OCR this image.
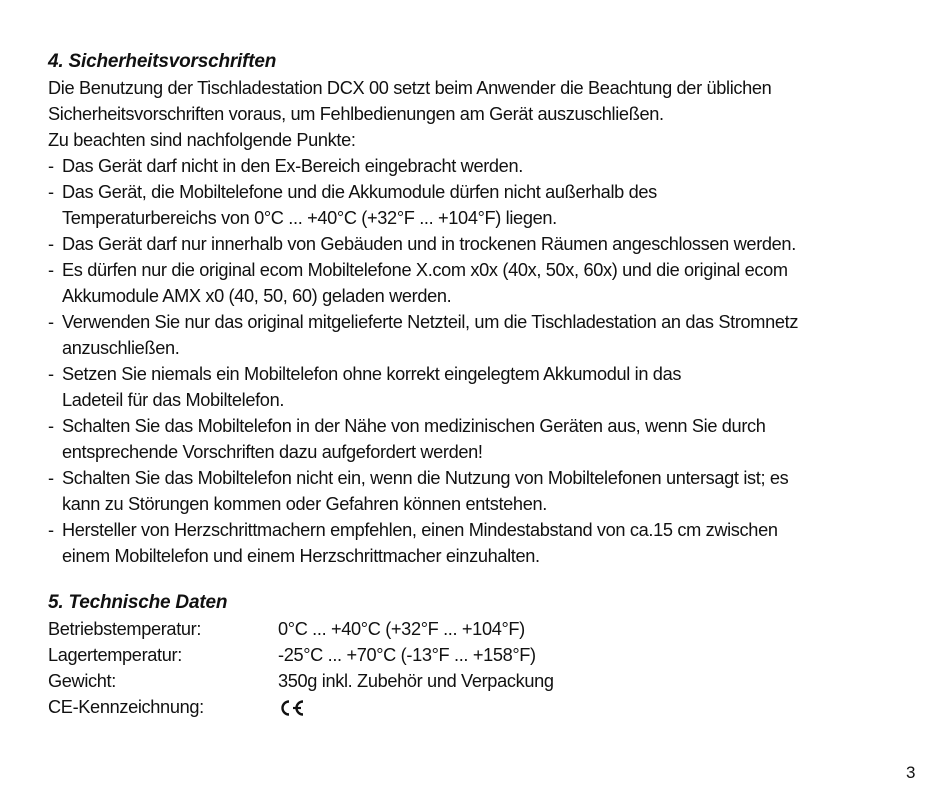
4. Sicherheitsvorschriften

Die Benutzung der Tischladestation DCX 00 setzt beim Anwender die Beachtung der üblichen

Sicherheitsvorschriften voraus, um Fehlbedienungen am Gerät auszuschließen.

Zu beachten sind nachfolgende Punkte:

- Das Gerät darf nicht in den Ex-Bereich eingebracht werden.
- Das Gerät, die Mobiltelefone und die Akkumodule dürfen nicht außerhalb des
Temperaturbereichs von 0°C ... +40°C (+32°F ... +104°F) liegen.
- Das Gerät darf nur innerhalb von Gebäuden und in trockenen Räumen angeschlossen werden.
- Es dürfen nur die original ecom Mobiltelefone X.com x0x (40x, 50x, 60x) und die original ecom
Akkumodule AMX x0 (40, 50, 60) geladen werden.
- Verwenden Sie nur das original mitgelieferte Netzteil, um die Tischladestation an das Stromnetz
anzuschließen.
- Setzen Sie niemals ein Mobiltelefon ohne korrekt eingelegtem Akkumodul in das
Ladeteil für das Mobiltelefon.
- Schalten Sie das Mobiltelefon in der Nähe von medizinischen Geräten aus, wenn Sie durch
entsprechende Vorschriften dazu aufgefordert werden!
- Schalten Sie das Mobiltelefon nicht ein, wenn die Nutzung von Mobiltelefonen untersagt ist; es
kann zu Störungen kommen oder Gefahren können entstehen.
- Hersteller von Herzschrittmachern empfehlen, einen Mindestabstand von ca.15 cm zwischen
einem Mobiltelefon und einem Herzschrittmacher einzuhalten.
5. Technische Daten
Betriebstemperatur:	0°C ... +40°C (+32°F ... +104°F)
Lagertemperatur:	-25°C ... +70°C (-13°F ... +158°F)
Gewicht:	350g inkl. Zubehör und Verpackung
CE-Kennzeichnung:
3
